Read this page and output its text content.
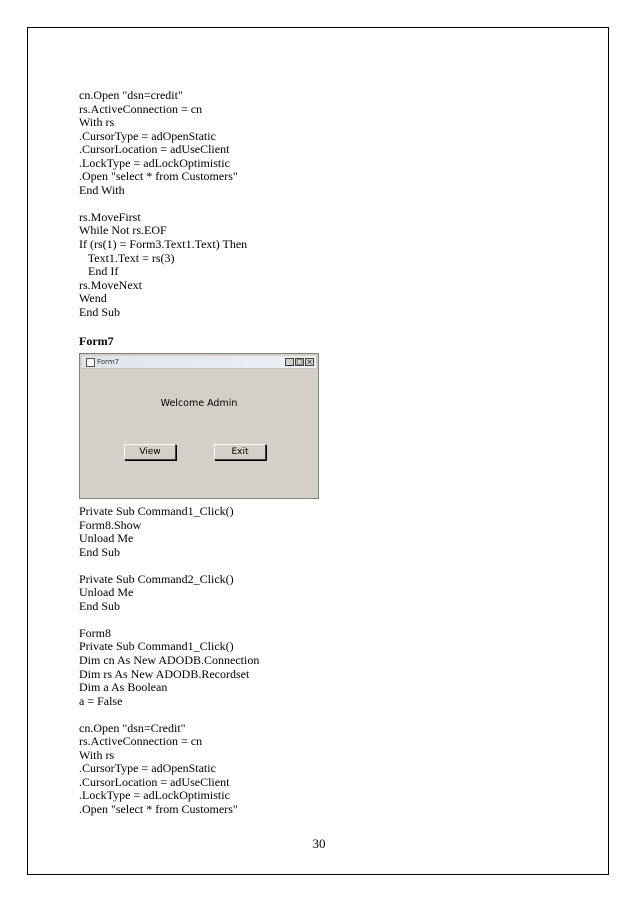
cn.Open "dsn=credit"
rs.ActiveConnection = cn
With rs
.CursorType = adOpenStatic
.CursorLocation = adUseClient
.LockType = adLockOptimistic
.Open "select * from Customers"
End With
rs.MoveFirst
While Not rs.EOF
If (rs(1) = Form3.Text1.Text) Then
Text1.Text = rs(3)
End If
rs.MoveNext
Wend
End Sub
Form7
Form7	_ □ ×
Welcome Admin
View	Exit
Private Sub Command1_Click()
Form8.Show
Unload Me
End Sub
Private Sub Command2_Click()
Unload Me
End Sub
Form8
Private Sub Command1_Click()
Dim cn As New ADODB.Connection
Dim rs As New ADODB.Recordset
Dim a As Boolean
a = False
cn.Open "dsn=Credit"
rs.ActiveConnection = cn
With rs
.CursorType = adOpenStatic
.CursorLocation = adUseClient
.LockType = adLockOptimistic
.Open "select * from Customers"
30
